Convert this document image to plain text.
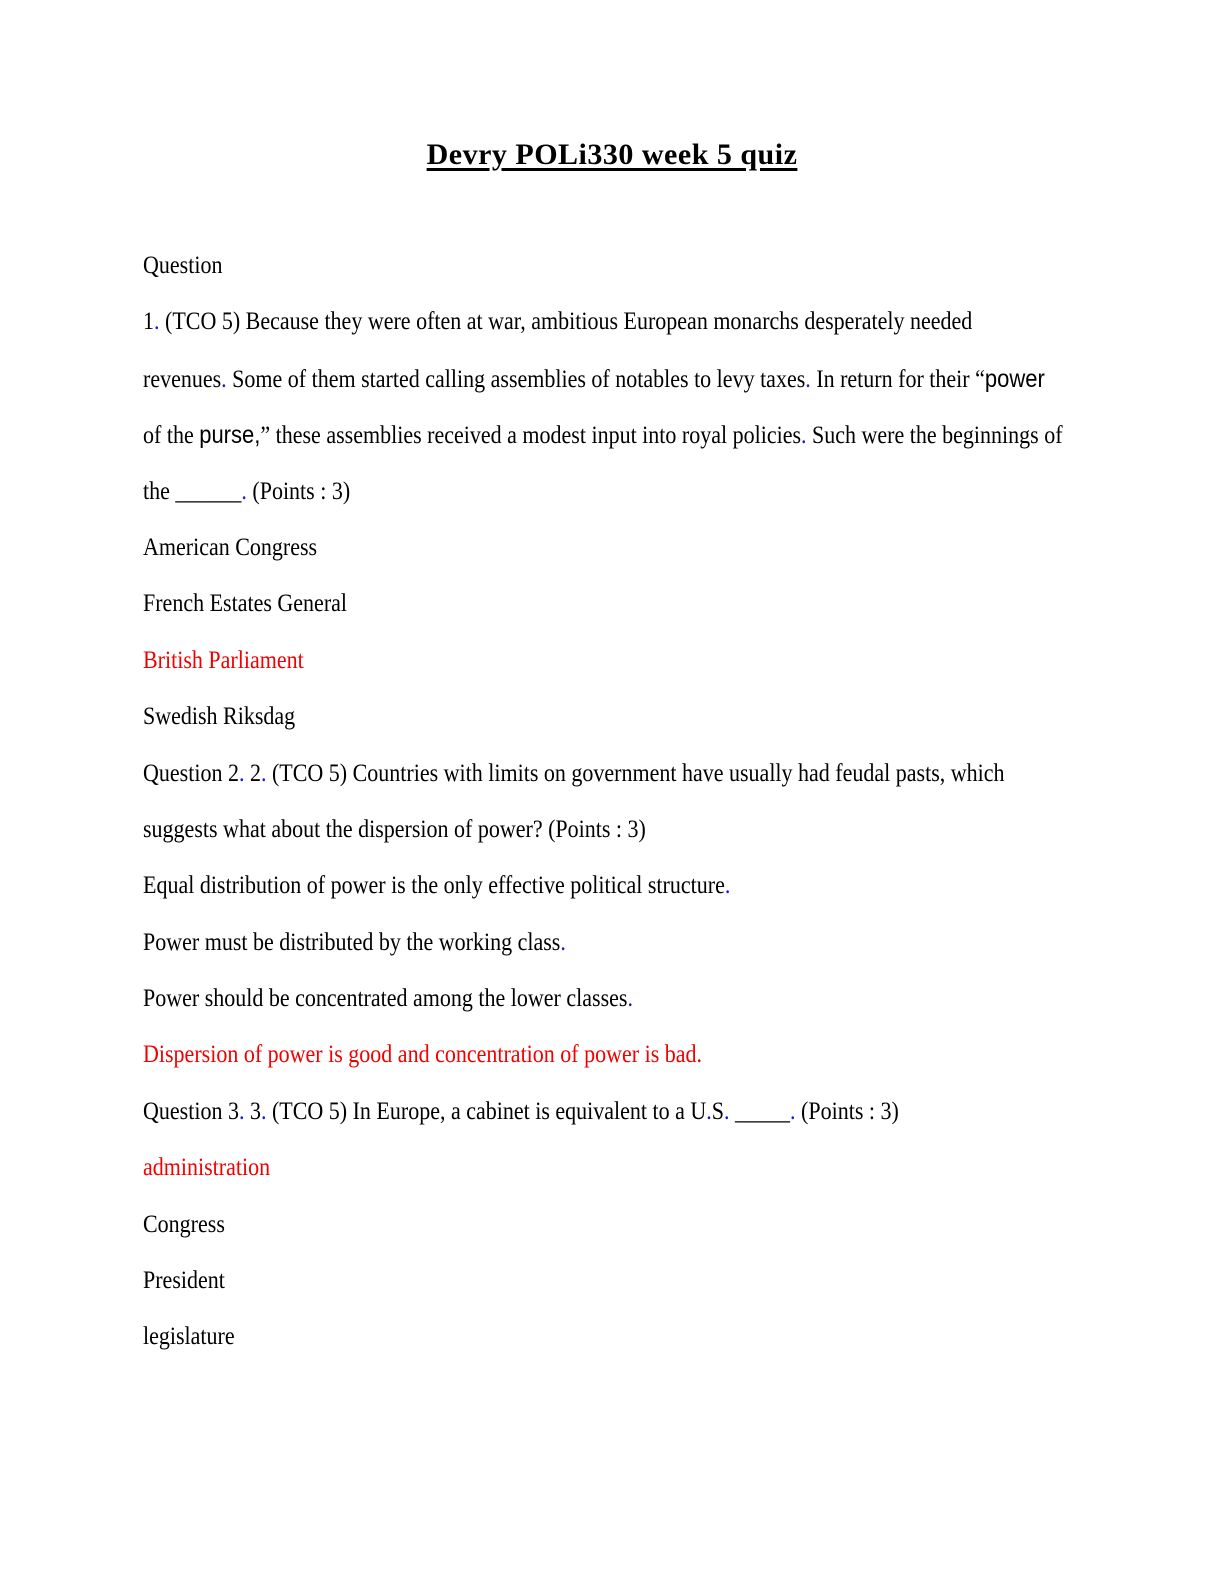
Devry POLi330 week 5 quiz
Question
1. (TCO 5) Because they were often at war, ambitious European monarchs desperately needed
revenues. Some of them started calling assemblies of notables to levy taxes. In return for their “power
of the purse,” these assemblies received a modest input into royal policies. Such were the beginnings of
the ______. (Points : 3)
American Congress
French Estates General
British Parliament
Swedish Riksdag
Question 2. 2. (TCO 5) Countries with limits on government have usually had feudal pasts, which
suggests what about the dispersion of power? (Points : 3)
Equal distribution of power is the only effective political structure.
Power must be distributed by the working class.
Power should be concentrated among the lower classes.
Dispersion of power is good and concentration of power is bad.
Question 3. 3. (TCO 5) In Europe, a cabinet is equivalent to a U.S. _____. (Points : 3)
administration
Congress
President
legislature
